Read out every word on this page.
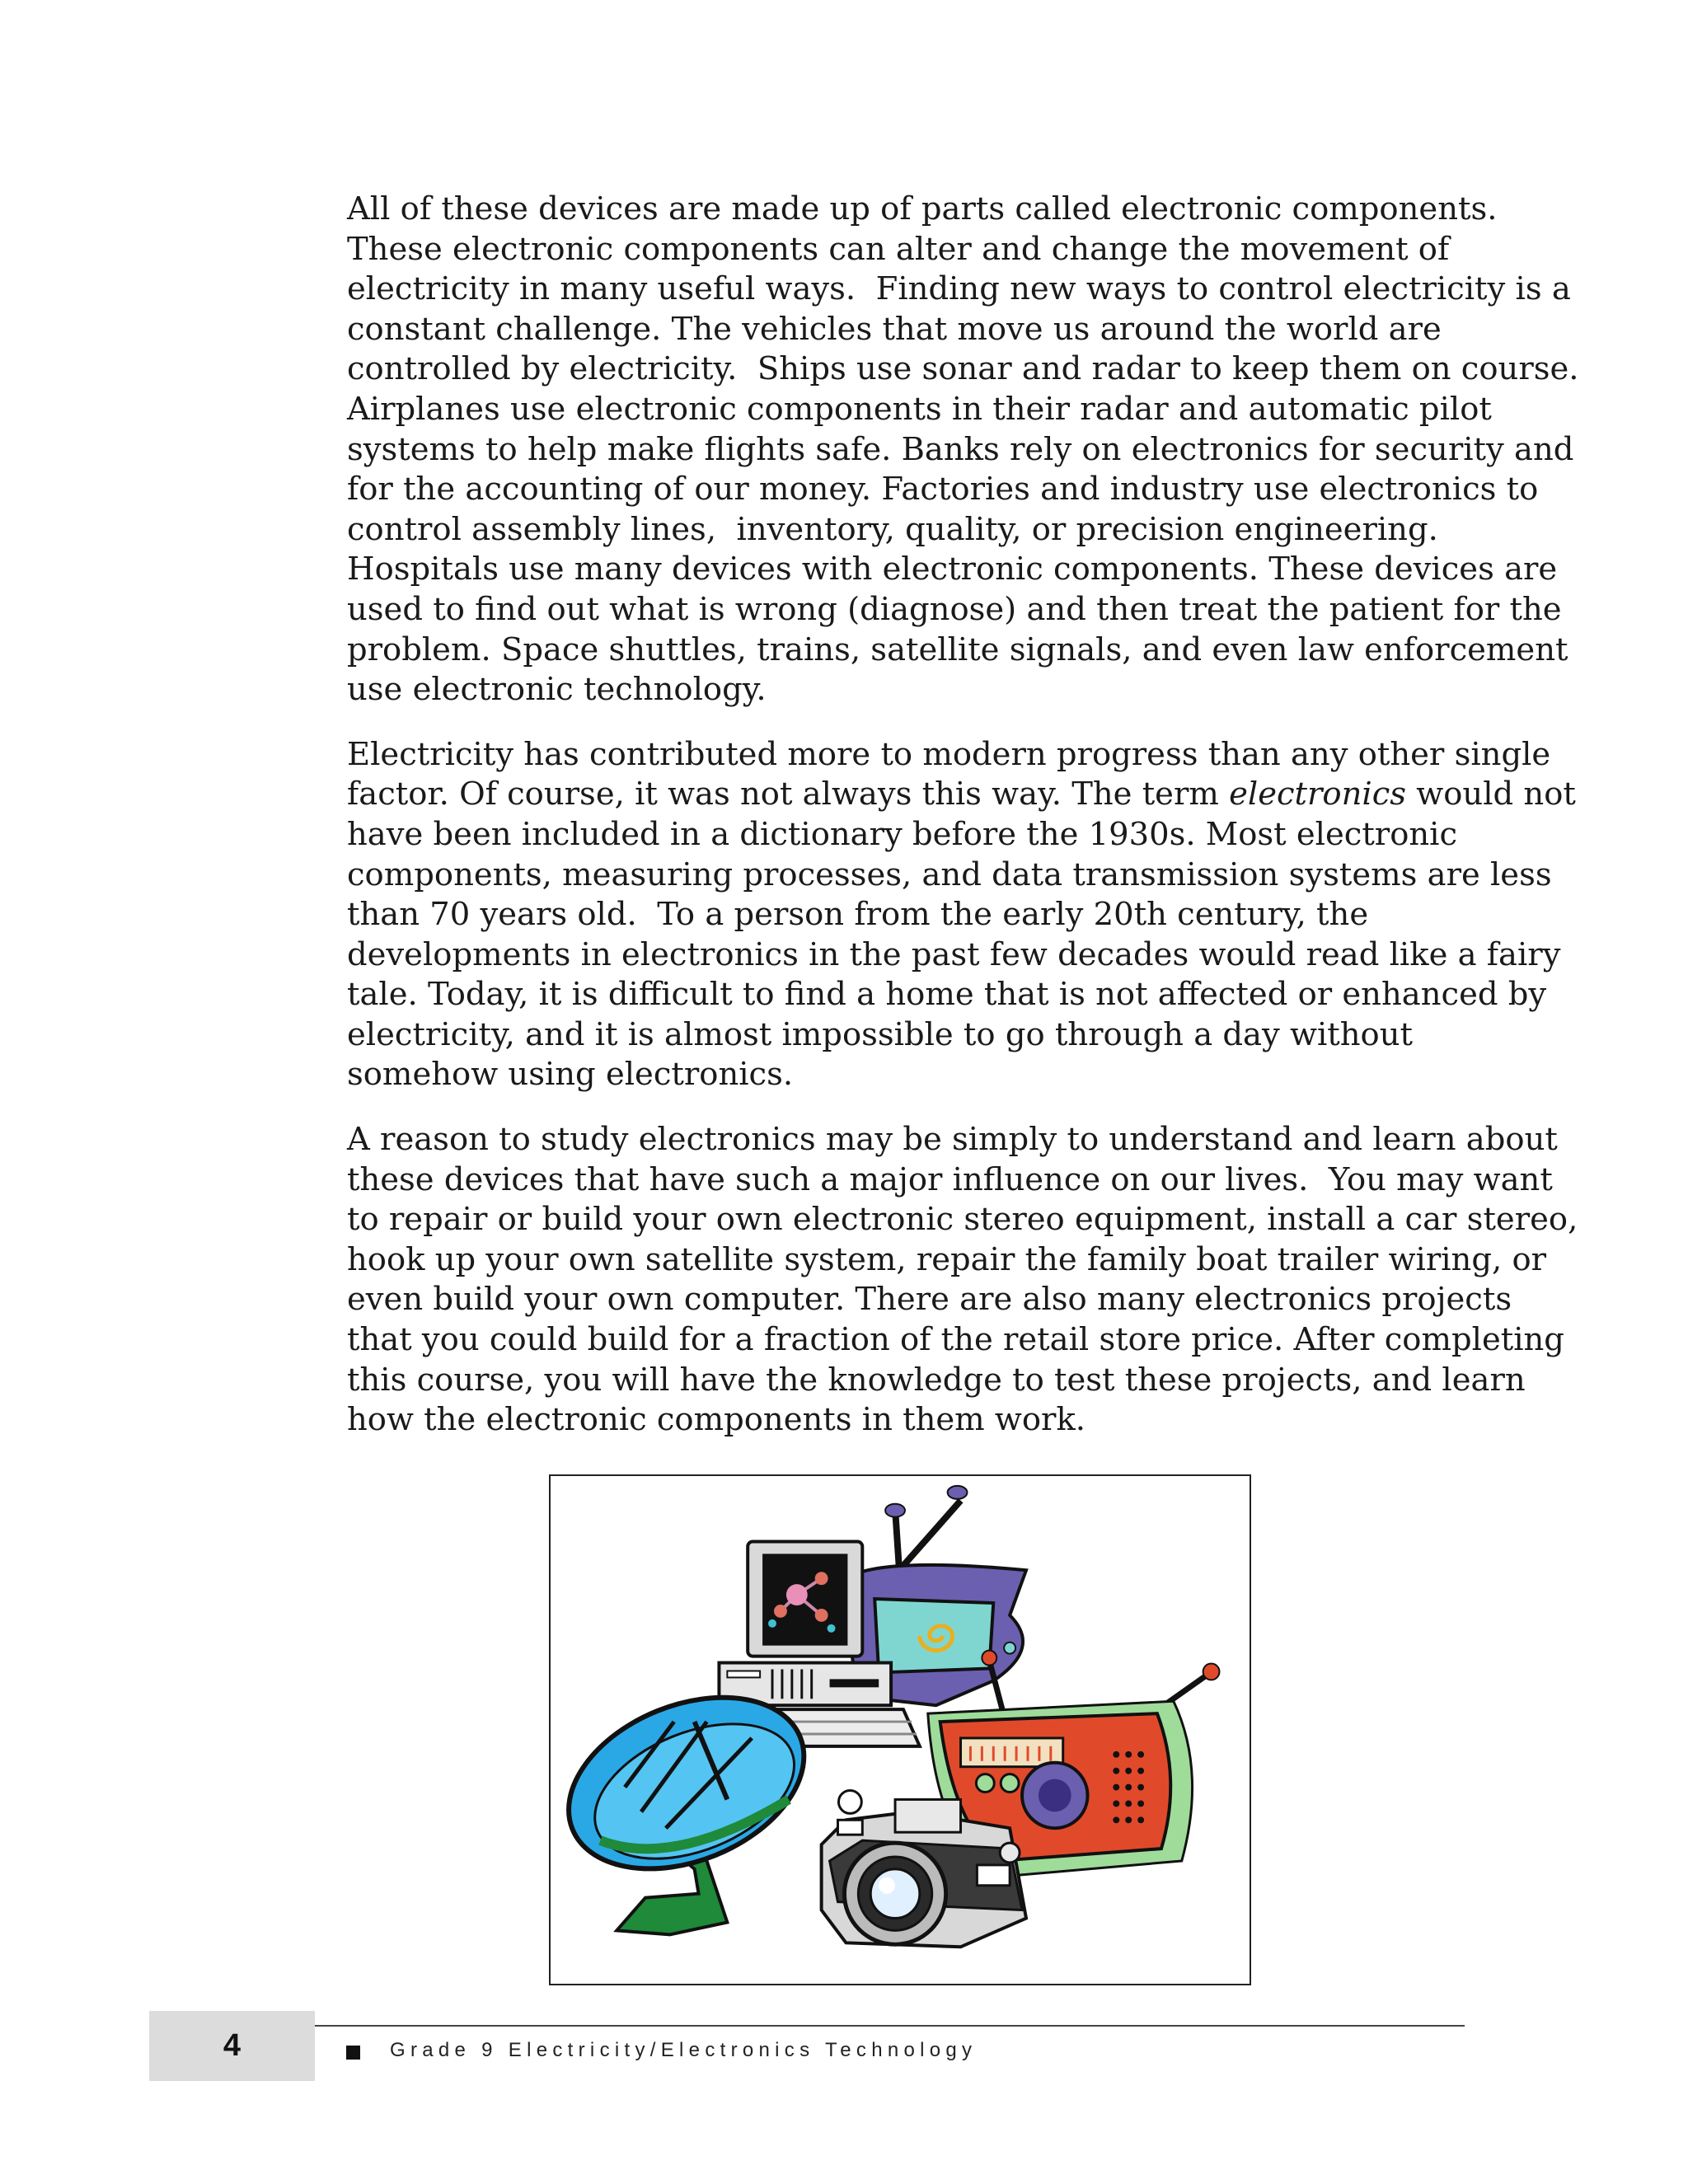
All of these devices are made up of parts called electronic components.
These electronic components can alter and change the movement of
electricity in many useful ways.  Finding new ways to control electricity is a
constant challenge. The vehicles that move us around the world are
controlled by electricity.  Ships use sonar and radar to keep them on course.
Airplanes use electronic components in their radar and automatic pilot
systems to help make flights safe. Banks rely on electronics for security and
for the accounting of our money. Factories and industry use electronics to
control assembly lines,  inventory, quality, or precision engineering.
Hospitals use many devices with electronic components. These devices are
used to find out what is wrong (diagnose) and then treat the patient for the
problem. Space shuttles, trains, satellite signals, and even law enforcement
use electronic technology.

Electricity has contributed more to modern progress than any other single
factor. Of course, it was not always this way. The term electronics would not
have been included in a dictionary before the 1930s. Most electronic
components, measuring processes, and data transmission systems are less
than 70 years old.  To a person from the early 20th century, the
developments in electronics in the past few decades would read like a fairy
tale. Today, it is difficult to find a home that is not affected or enhanced by
electricity, and it is almost impossible to go through a day without
somehow using electronics.

A reason to study electronics may be simply to understand and learn about
these devices that have such a major influence on our lives.  You may want
to repair or build your own electronic stereo equipment, install a car stereo,
hook up your own satellite system, repair the family boat trailer wiring, or
even build your own computer. There are also many electronics projects
that you could build for a fraction of the retail store price. After completing
this course, you will have the knowledge to test these projects, and learn
how the electronic components in them work.

4	Grade 9 Electricity/Electronics Technology
